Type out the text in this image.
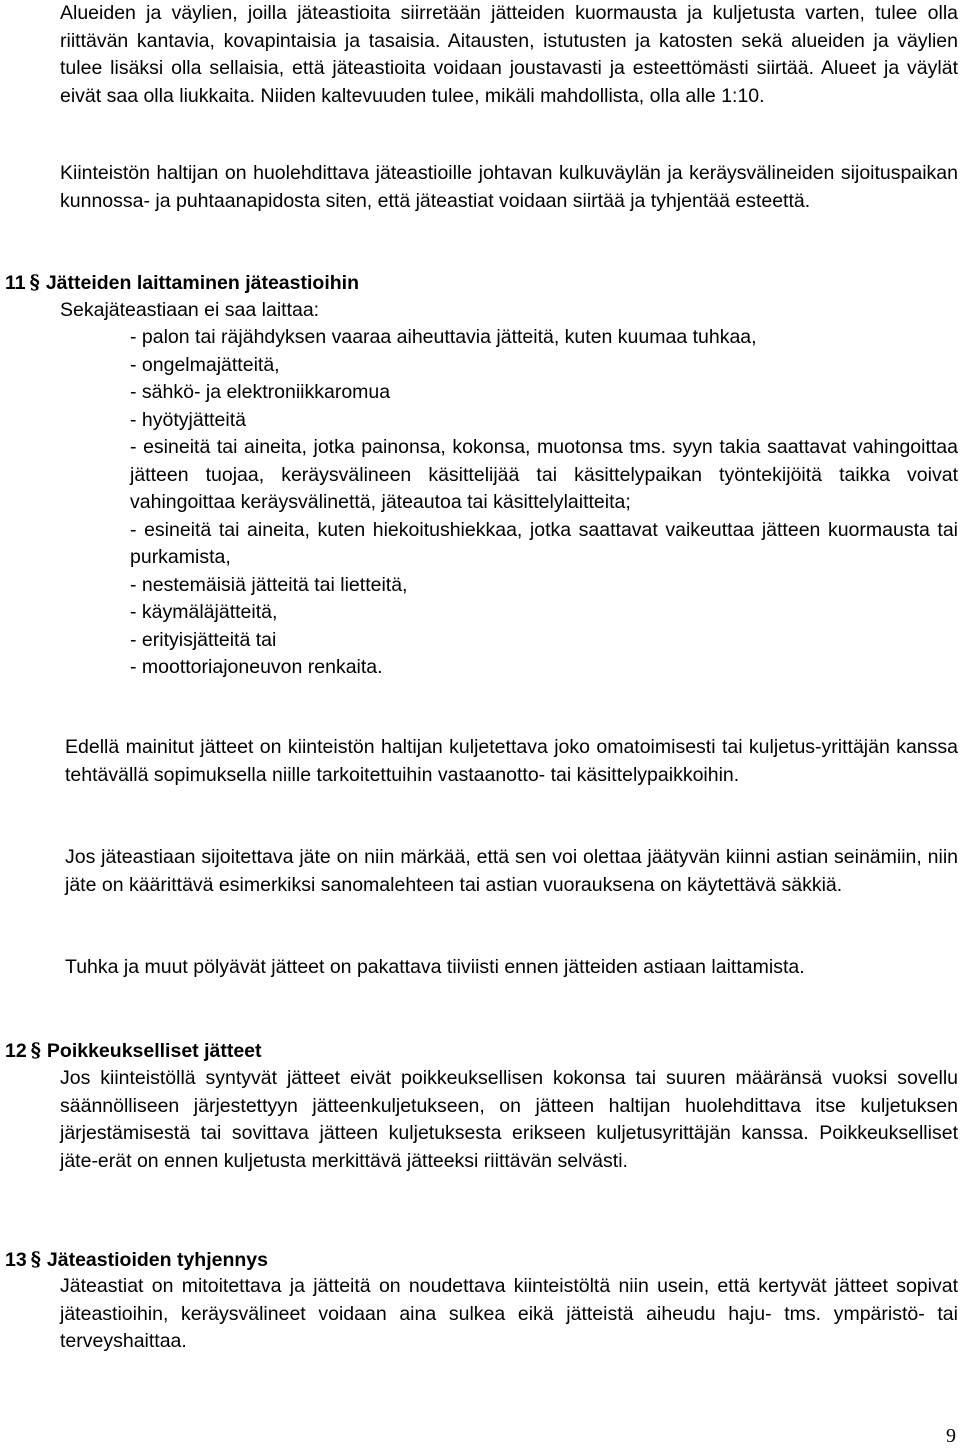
Alueiden ja väylien, joilla jäteastioita siirretään jätteiden kuormausta ja kuljetusta varten, tulee olla riittävän kantavia, kovapintaisia ja tasaisia. Aitausten, istutusten ja katosten sekä alueiden ja väylien tulee lisäksi olla sellaisia, että jäteastioita voidaan joustavasti ja esteettömästi siirtää. Alueet ja väylät eivät saa olla liukkaita. Niiden kaltevuuden tulee, mikäli mahdollista, olla alle 1:10.

Kiinteistön haltijan on huolehdittava jäteastioille johtavan kulkuväylän ja keräysvälineiden sijoituspaikan kunnossa- ja puhtaanapidosta siten, että jäteastiat voidaan siirtää ja tyhjentää esteettä.

11 § Jätteiden laittaminen jäteastioihin

Sekajäteastiaan ei saa laittaa:

- palon tai räjähdyksen vaaraa aiheuttavia jätteitä, kuten kuumaa tuhkaa,
- ongelmajätteitä,
- sähkö- ja elektroniikkaromua
- hyötyjätteitä
- esineitä tai aineita, jotka painonsa, kokonsa, muotonsa tms. syyn takia saattavat vahingoittaa jätteen tuojaa, keräysvälineen käsittelijää tai käsittelypaikan työntekijöitä taikka voivat vahingoittaa keräysvälinettä, jäteautoa tai käsittelylaitteita;
- esineitä tai aineita, kuten hiekoitushiekkaa, jotka saattavat vaikeuttaa jätteen kuormausta tai purkamista,
- nestemäisiä jätteitä tai lietteitä,
- käymäläjätteitä,
- erityisjätteitä tai
- moottoriajoneuvon renkaita.

Edellä mainitut jätteet on kiinteistön haltijan kuljetettava joko omatoimisesti tai kuljetus-yrittäjän kanssa tehtävällä sopimuksella niille tarkoitettuihin vastaanotto- tai käsittelypaikkoihin.

Jos jäteastiaan sijoitettava jäte on niin märkää, että sen voi olettaa jäätyvän kiinni astian seinämiin, niin jäte on käärittävä esimerkiksi sanomalehteen tai astian vuorauksena on käytettävä säkkiä.

Tuhka ja muut pölyävät jätteet on pakattava tiiviisti ennen jätteiden astiaan laittamista.

12 § Poikkeukselliset jätteet

Jos kiinteistöllä syntyvät jätteet eivät poikkeuksellisen kokonsa tai suuren määränsä vuoksi sovellu säännölliseen järjestettyyn jätteenkuljetukseen, on jätteen haltijan huolehdittava itse kuljetuksen järjestämisestä tai sovittava jätteen kuljetuksesta erikseen kuljetusyrittäjän kanssa. Poikkeukselliset jäte-erät on ennen kuljetusta merkittävä jätteeksi riittävän selvästi.

13 § Jäteastioiden tyhjennys

Jäteastiat on mitoitettava ja jätteitä on noudettava kiinteistöltä niin usein, että kertyvät jätteet sopivat jäteastioihin, keräysvälineet voidaan aina sulkea eikä jätteistä aiheudu haju- tms. ympäristö- tai terveyshaittaa.

9
